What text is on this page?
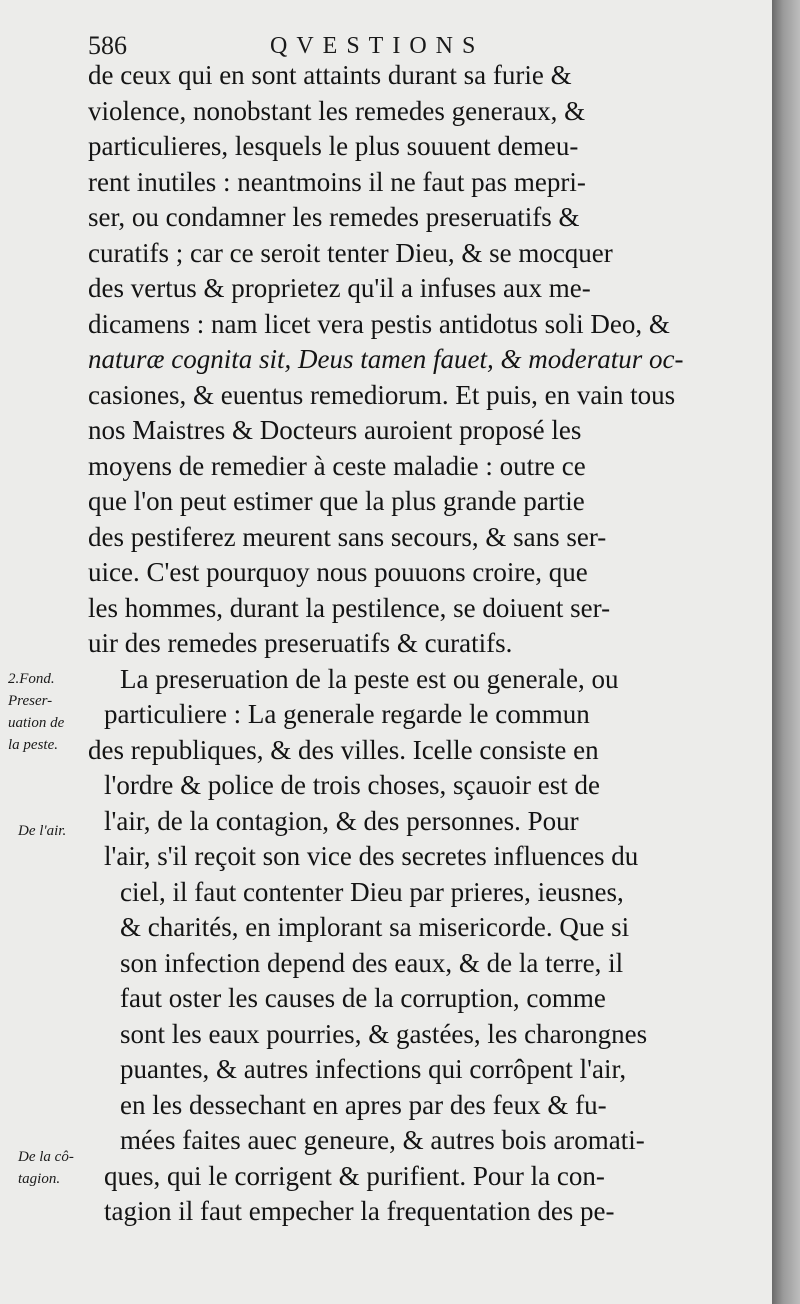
586	QVESTIONS
2.Fond.
Preser-
uation de
la peste.
De l'air.
De la cô-
tagion.
de ceux qui en sont attaints durant sa furie &
violence, nonobstant les remedes generaux, &
particulieres, lesquels le plus souuent demeu-
rent inutiles : neantmoins il ne faut pas mepri-
ser, ou condamner les remedes preseruatifs &
curatifs ; car ce seroit tenter Dieu, & se mocquer
des vertus & proprietez qu'il a infuses aux me-
dicamens : nam licet vera pestis antidotus soli Deo, &
naturæ cognita sit, Deus tamen fauet, & moderatur oc-
casiones, & euentus remediorum. Et puis, en vain tous
nos Maistres & Docteurs auroient proposé les
moyens de remedier à ceste maladie : outre ce
que l'on peut estimer que la plus grande partie
des pestiferez meurent sans secours, & sans ser-
uice. C'est pourquoy nous pouuons croire, que
les hommes, durant la pestilence, se doiuent ser-
uir des remedes preseruatifs & curatifs.
La preseruation de la peste est ou generale, ou
particuliere : La generale regarde le commun
des republiques, & des villes. Icelle consiste en
l'ordre & police de trois choses, sçauoir est de
l'air, de la contagion, & des personnes. Pour
l'air, s'il reçoit son vice des secretes influences du
ciel, il faut contenter Dieu par prieres, ieusnes,
& charités, en implorant sa misericorde. Que si
son infection depend des eaux, & de la terre, il
faut oster les causes de la corruption, comme
sont les eaux pourries, & gastées, les charongnes
puantes, & autres infections qui corrôpent l'air,
en les dessechant en apres par des feux & fu-
mées faites auec geneure, & autres bois aromati-
ques, qui le corrigent & purifient. Pour la con-
tagion il faut empecher la frequentation des pe-
